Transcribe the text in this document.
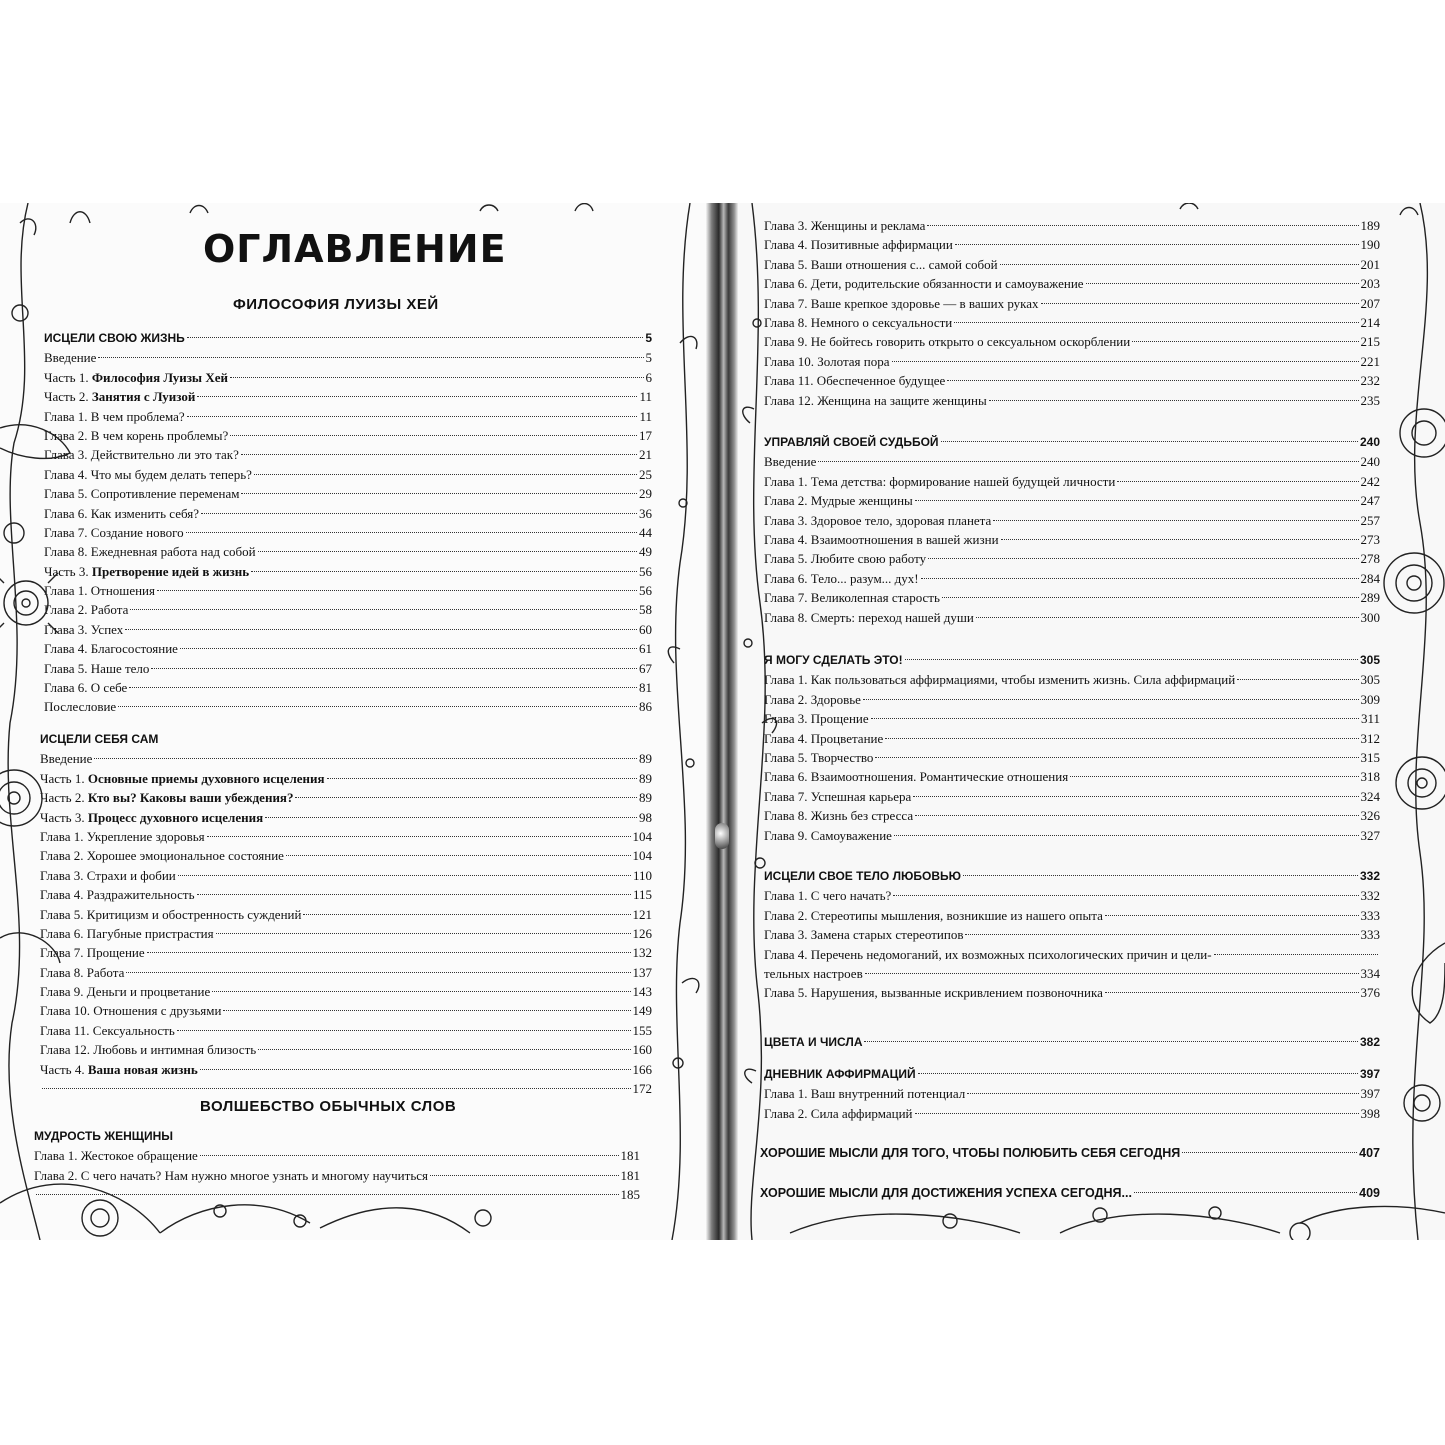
ОГЛАВЛЕНИЕ
ФИЛОСОФИЯ ЛУИЗЫ ХЕЙ
ИСЦЕЛИ СВОЮ ЖИЗНЬ	5
Введение	5
Часть 1. Философия Луизы Хей	6
Часть 2. Занятия с Луизой	11
Глава 1. В чем проблема?	11
Глава 2. В чем корень проблемы?	17
Глава 3. Действительно ли это так?	21
Глава 4. Что мы будем делать теперь?	25
Глава 5. Сопротивление переменам	29
Глава 6. Как изменить себя?	36
Глава 7. Создание нового	44
Глава 8. Ежедневная работа над собой	49
Часть 3. Претворение идей в жизнь	56
Глава 1. Отношения	56
Глава 2. Работа	58
Глава 3. Успех	60
Глава 4. Благосостояние	61
Глава 5. Наше тело	67
Глава 6. О себе	81
Послесловие	86
ИСЦЕЛИ СЕБЯ САМ
Введение	89
Часть 1. Основные приемы духовного исцеления	89
Часть 2. Кто вы? Каковы ваши убеждения?	89
Часть 3. Процесс духовного исцеления	98
Глава 1. Укрепление здоровья	104
Глава 2. Хорошее эмоциональное состояние	104
Глава 3. Страхи и фобии	110
Глава 4. Раздражительность	115
Глава 5. Критицизм и обостренность суждений	121
Глава 6. Пагубные пристрастия	126
Глава 7. Прощение	132
Глава 8. Работа	137
Глава 9. Деньги и процветание	143
Глава 10. Отношения с друзьями	149
Глава 11. Сексуальность	155
Глава 12. Любовь и интимная близость	160
Часть 4. Ваша новая жизнь	166
172
ВОЛШЕБСТВО ОБЫЧНЫХ СЛОВ
МУДРОСТЬ ЖЕНЩИНЫ
Глава 1. Жестокое обращение	181
Глава 2. С чего начать? Нам нужно многое узнать и многому научиться	181
185
Глава 3. Женщины и реклама	189
Глава 4. Позитивные аффирмации	190
Глава 5. Ваши отношения с... самой собой	201
Глава 6. Дети, родительские обязанности и самоуважение	203
Глава 7. Ваше крепкое здоровье — в ваших руках	207
Глава 8. Немного о сексуальности	214
Глава 9. Не бойтесь говорить открыто о сексуальном оскорблении	215
Глава 10. Золотая пора	221
Глава 11. Обеспеченное будущее	232
Глава 12. Женщина на защите женщины	235
УПРАВЛЯЙ СВОЕЙ СУДЬБОЙ	240
Введение	240
Глава 1. Тема детства: формирование нашей будущей личности	242
Глава 2. Мудрые женщины	247
Глава 3. Здоровое тело, здоровая планета	257
Глава 4. Взаимоотношения в вашей жизни	273
Глава 5. Любите свою работу	278
Глава 6. Тело... разум... дух!	284
Глава 7. Великолепная старость	289
Глава 8. Смерть: переход нашей души	300
Я МОГУ СДЕЛАТЬ ЭТО!	305
Глава 1. Как пользоваться аффирмациями, чтобы изменить жизнь. Сила аффирмаций	305
Глава 2. Здоровье	309
Глава 3. Прощение	311
Глава 4. Процветание	312
Глава 5. Творчество	315
Глава 6. Взаимоотношения. Романтические отношения	318
Глава 7. Успешная карьера	324
Глава 8. Жизнь без стресса	326
Глава 9. Самоуважение	327
ИСЦЕЛИ СВОЕ ТЕЛО ЛЮБОВЬЮ	332
Глава 1. С чего начать?	332
Глава 2. Стереотипы мышления, возникшие из нашего опыта	333
Глава 3. Замена старых стереотипов	333
Глава 4. Перечень недомоганий, их возможных психологических причин и цели-
тельных настроев	334
Глава 5. Нарушения, вызванные искривлением позвоночника	376
ЦВЕТА И ЧИСЛА	382
ДНЕВНИК АФФИРМАЦИЙ	397
Глава 1. Ваш внутренний потенциал	397
Глава 2. Сила аффирмаций	398
ХОРОШИЕ МЫСЛИ ДЛЯ ТОГО, ЧТОБЫ ПОЛЮБИТЬ СЕБЯ СЕГОДНЯ	407
ХОРОШИЕ МЫСЛИ ДЛЯ ДОСТИЖЕНИЯ УСПЕХА СЕГОДНЯ...	409
